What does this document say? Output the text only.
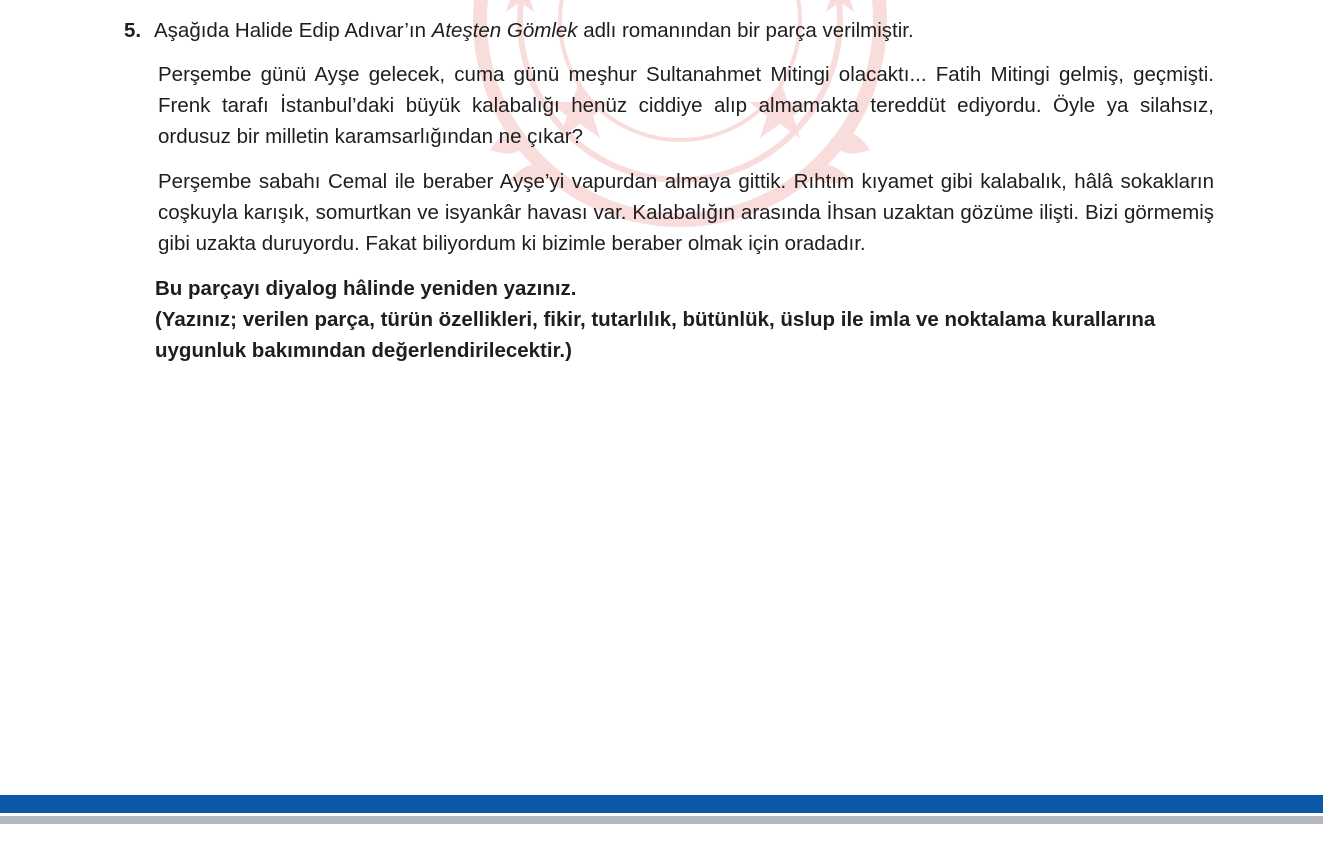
5. Aşağıda Halide Edip Adıvar’ın Ateşten Gömlek adlı romanından bir parça verilmiştir.

Perşembe günü Ayşe gelecek, cuma günü meşhur Sultanahmet Mitingi olacaktı... Fatih Mitingi gelmiş, geçmişti. Frenk tarafı İstanbul’daki büyük kalabalığı henüz ciddiye alıp almamakta tereddüt ediyordu. Öyle ya silahsız, ordusuz bir milletin karamsarlığından ne çıkar?

Perşembe sabahı Cemal ile beraber Ayşe’yi vapurdan almaya gittik. Rıhtım kıyamet gibi kalabalık, hâlâ sokakların coşkuyla karışık, somurtkan ve isyankâr havası var. Kalabalığın arasında İhsan uzaktan gözüme ilişti. Bizi görmemiş gibi uzakta duruyordu. Fakat biliyordum ki bizimle beraber olmak için oradadır.

Bu parçayı diyalog hâlinde yeniden yazınız.

(Yazınız; verilen parça, türün özellikleri, fikir, tutarlılık, bütünlük, üslup ile imla ve noktalama kurallarına uygunluk bakımından değerlendirilecektir.)
